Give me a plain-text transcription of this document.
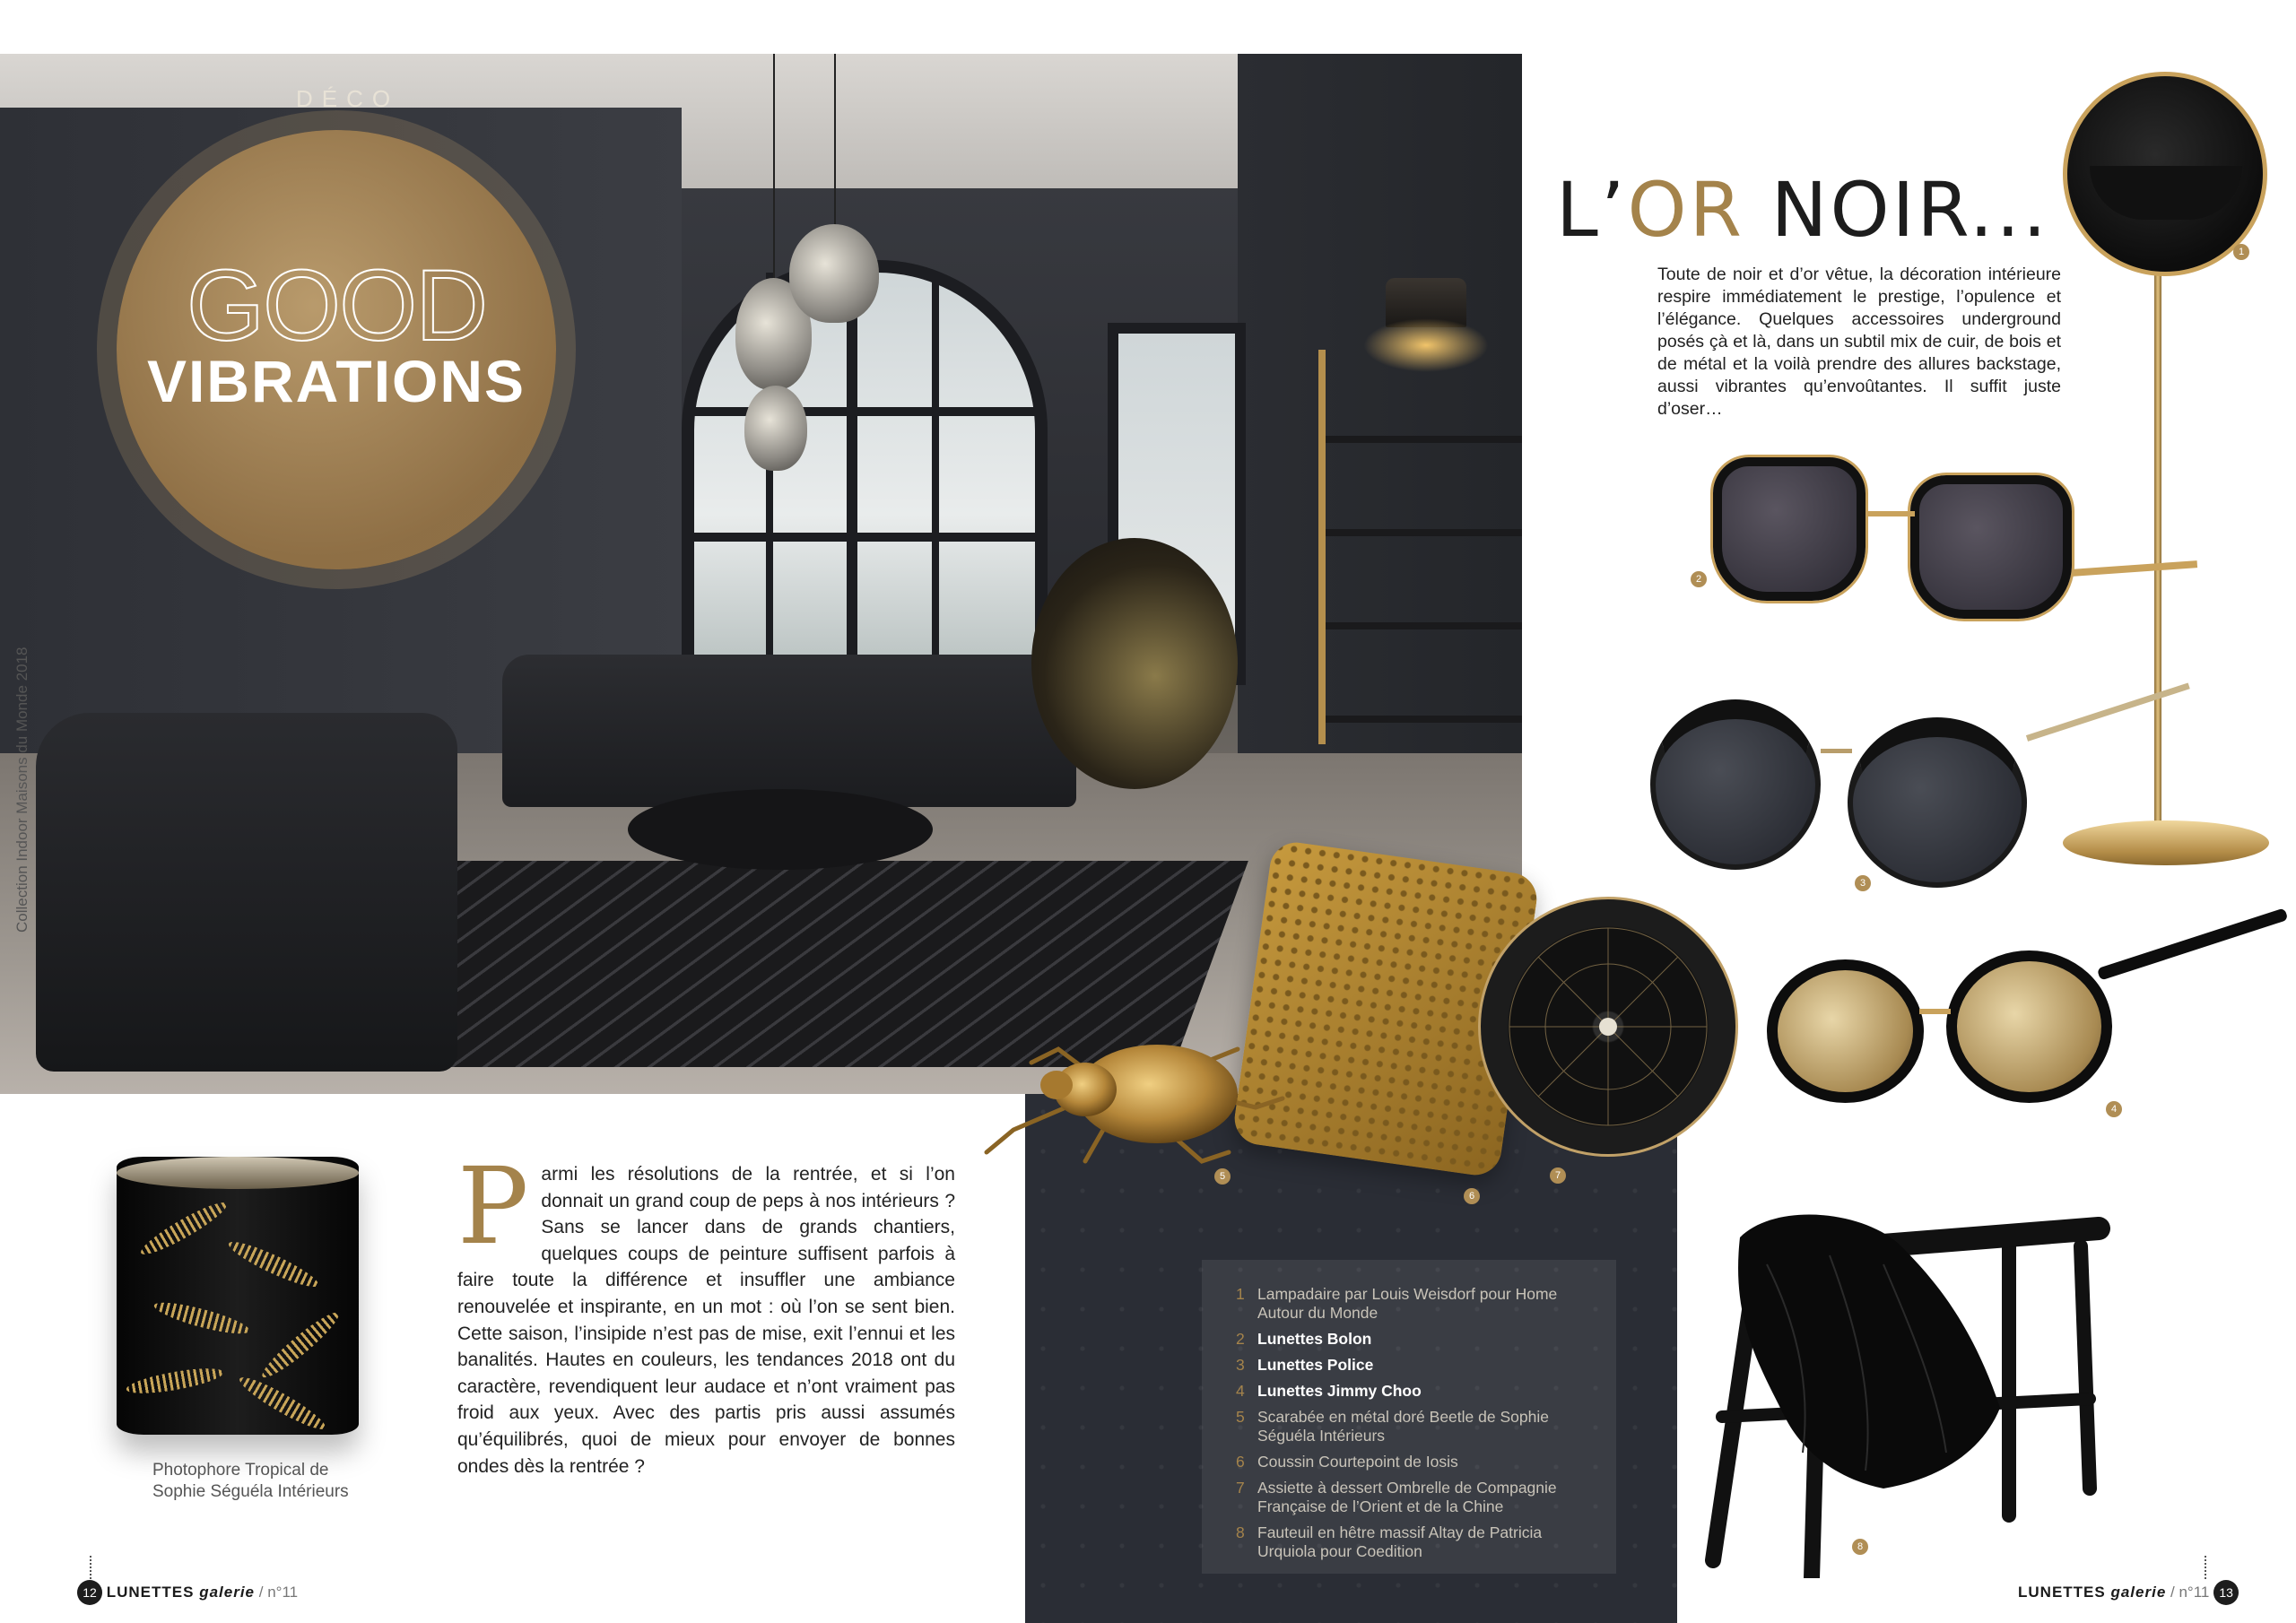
DÉCO
GOOD
VIBRATIONS
Collection Indoor Maisons du Monde 2018
Photophore Tropical de Sophie Séguéla Intérieurs
Parmi les résolutions de la rentrée, et si l’on donnait un grand coup de peps à nos intérieurs ? Sans se lancer dans de grands chantiers, quelques coups de peinture suffisent parfois à faire toute la différence et insuffler une ambiance renouvelée et inspirante, en un mot : où l’on se sent bien. Cette saison, l’insipide n’est pas de mise, exit l’ennui et les banalités. Hautes en couleurs, les tendances 2018 ont du caractère, revendiquent leur audace et n’ont vraiment pas froid aux yeux. Avec des partis pris aussi assumés qu’équilibrés, quoi de mieux pour envoyer de bonnes ondes dès la rentrée ?
L’OR NOIR...
Toute de noir et d’or vêtue, la décoration intérieure respire immédiatement le prestige, l’opulence et l’élégance. Quelques accessoires underground posés çà et là, dans un subtil mix de cuir, de bois et de métal et la voilà prendre des allures backstage, aussi vibrantes qu’envoûtantes. Il suffit juste d’oser…
1
2
3
4
5
6
7
1 Lampadaire par Louis Weisdorf pour Home Autour du Monde
2 Lunettes Bolon
3 Lunettes Police
4 Lunettes Jimmy Choo
5 Scarabée en métal doré Beetle de Sophie Séguéla Intérieurs
6 Coussin Courtepoint de Iosis
7 Assiette à dessert Ombrelle de Compagnie Française de l’Orient et de la Chine
8 Fauteuil en hêtre massif Altay de Patricia Urquiola pour Coedition	8
12 LUNETTES galerie / n°11	LUNETTES galerie / n°11 13
